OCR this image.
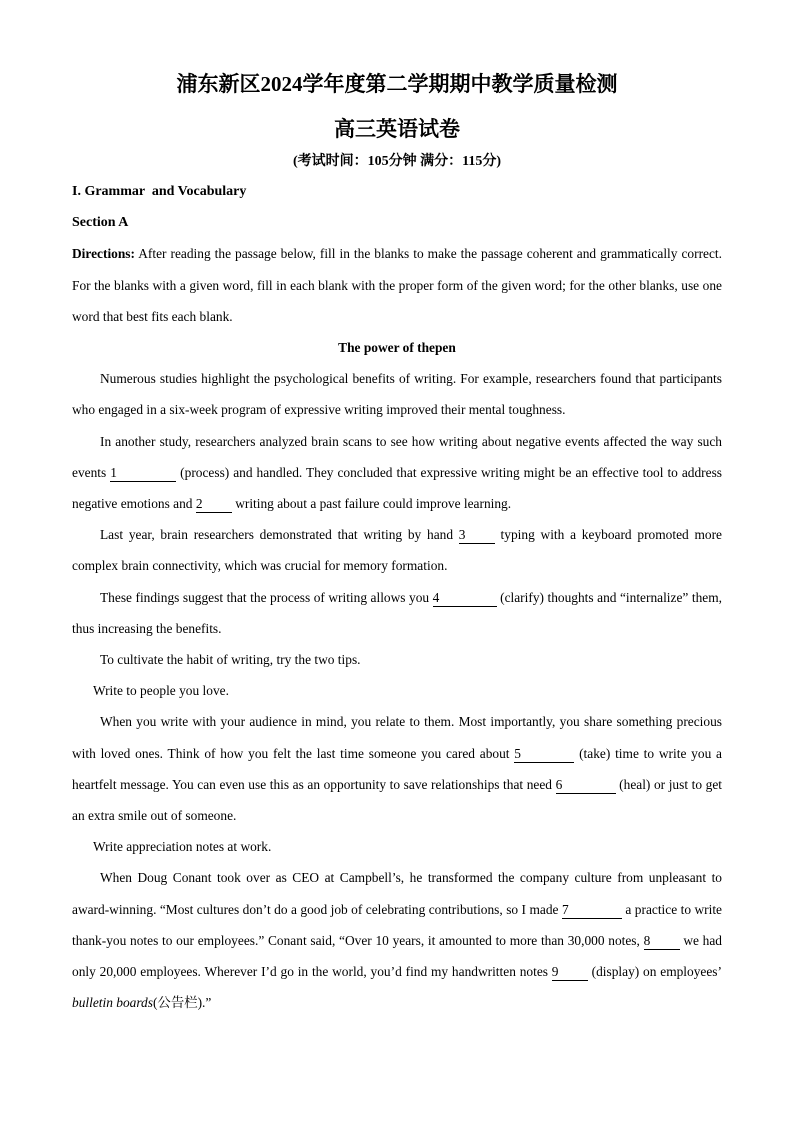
浦东新区2024学年度第二学期期中教学质量检测
高三英语试卷
(考试时间：105分钟 满分：115分)

I. Grammar  and Vocabulary

Section A

Directions: After reading the passage below, fill in the blanks to make the passage coherent and grammatically correct. For the blanks with a given word, fill in each blank with the proper form of the given word; for the other blanks, use one word that best fits each blank.

The power of thepen

Numerous studies highlight the psychological benefits of writing. For example, researchers found that participants who engaged in a six-week program of expressive writing improved their mental toughness.

In another study, researchers analyzed brain scans to see how writing about negative events affected the way such events 1	(process) and handled. They concluded that expressive writing might be an effective tool to address negative emotions and 2 writing about a past failure could improve learning.

Last year, brain researchers demonstrated that writing by hand 3 typing with a keyboard promoted more complex brain connectivity, which was crucial for memory formation.

These findings suggest that the process of writing allows you 4	(clarify) thoughts and “internalize” them, thus increasing the benefits.

To cultivate the habit of writing, try the two tips.

Write to people you love.

When you write with your audience in mind, you relate to them. Most importantly, you share something precious with loved ones. Think of how you felt the last time someone you cared about 5	(take) time to write you a heartfelt message. You can even use this as an opportunity to save relationships that need 6	(heal) or just to get an extra smile out of someone.

Write appreciation notes at work.

When Doug Conant took over as CEO at Campbell’s, he transformed the company culture from unpleasant to award-winning. “Most cultures don’t do a good job of celebrating contributions, so I made 7	a practice to write thank-you notes to our employees.” Conant said, “Over 10 years, it amounted to more than 30,000 notes, 8 we had only 20,000 employees. Wherever I’d go in the world, you’d find my handwritten notes 9 (display) on employees’ bulletin boards(公告栏).”
